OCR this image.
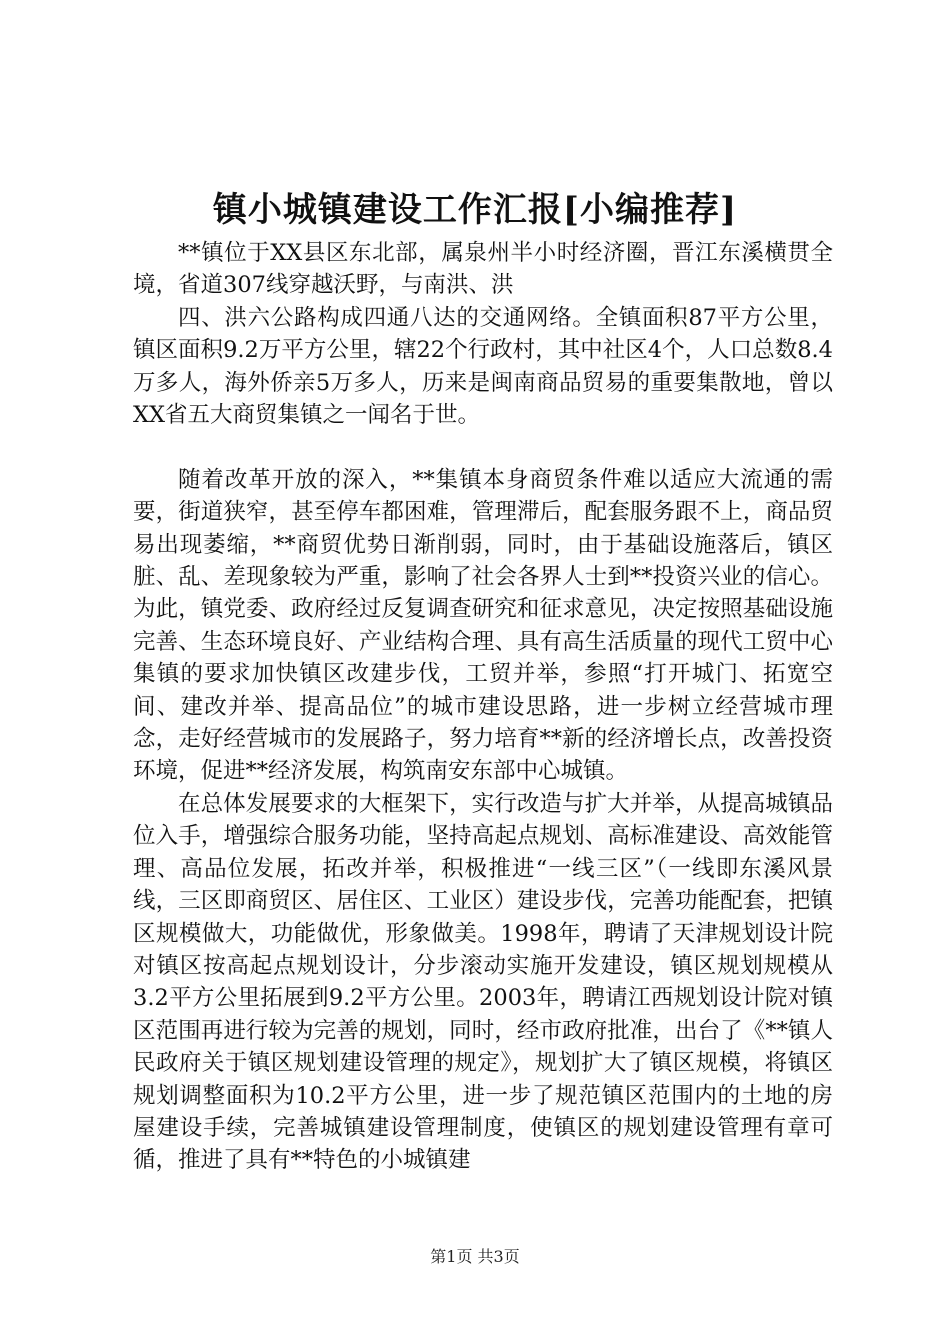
镇小城镇建设工作汇报[小编推荐]

**镇位于XX县区东北部，属泉州半小时经济圈，晋江东溪横贯全境，省道307线穿越沃野，与南洪、洪

四、洪六公路构成四通八达的交通网络。全镇面积87平方公里，镇区面积9.2万平方公里，辖22个行政村，其中社区4个，人口总数8.4万多人，海外侨亲5万多人，历来是闽南商品贸易的重要集散地，曾以XX省五大商贸集镇之一闻名于世。

随着改革开放的深入，**集镇本身商贸条件难以适应大流通的需要，街道狭窄，甚至停车都困难，管理滞后，配套服务跟不上，商品贸易出现萎缩，**商贸优势日渐削弱，同时，由于基础设施落后，镇区脏、乱、差现象较为严重，影响了社会各界人士到**投资兴业的信心。为此，镇党委、政府经过反复调查研究和征求意见，决定按照基础设施完善、生态环境良好、产业结构合理、具有高生活质量的现代工贸中心集镇的要求加快镇区改建步伐，工贸并举，参照“打开城门、拓宽空间、建改并举、提高品位”的城市建设思路，进一步树立经营城市理念，走好经营城市的发展路子，努力培育**新的经济增长点，改善投资环境，促进**经济发展，构筑南安东部中心城镇。

在总体发展要求的大框架下，实行改造与扩大并举，从提高城镇品位入手，增强综合服务功能，坚持高起点规划、高标准建设、高效能管理、高品位发展，拓改并举，积极推进“一线三区”（一线即东溪风景线，三区即商贸区、居住区、工业区）建设步伐，完善功能配套，把镇区规模做大，功能做优，形象做美。1998年，聘请了天津规划设计院对镇区按高起点规划设计，分步滚动实施开发建设，镇区规划规模从3.2平方公里拓展到9.2平方公里。2003年，聘请江西规划设计院对镇区范围再进行较为完善的规划，同时，经市政府批准，出台了《**镇人民政府关于镇区规划建设管理的规定》，规划扩大了镇区规模，将镇区规划调整面积为10.2平方公里，进一步了规范镇区范围内的土地的房屋建设手续，完善城镇建设管理制度，使镇区的规划建设管理有章可循，推进了具有**特色的小城镇建

第1页 共3页
